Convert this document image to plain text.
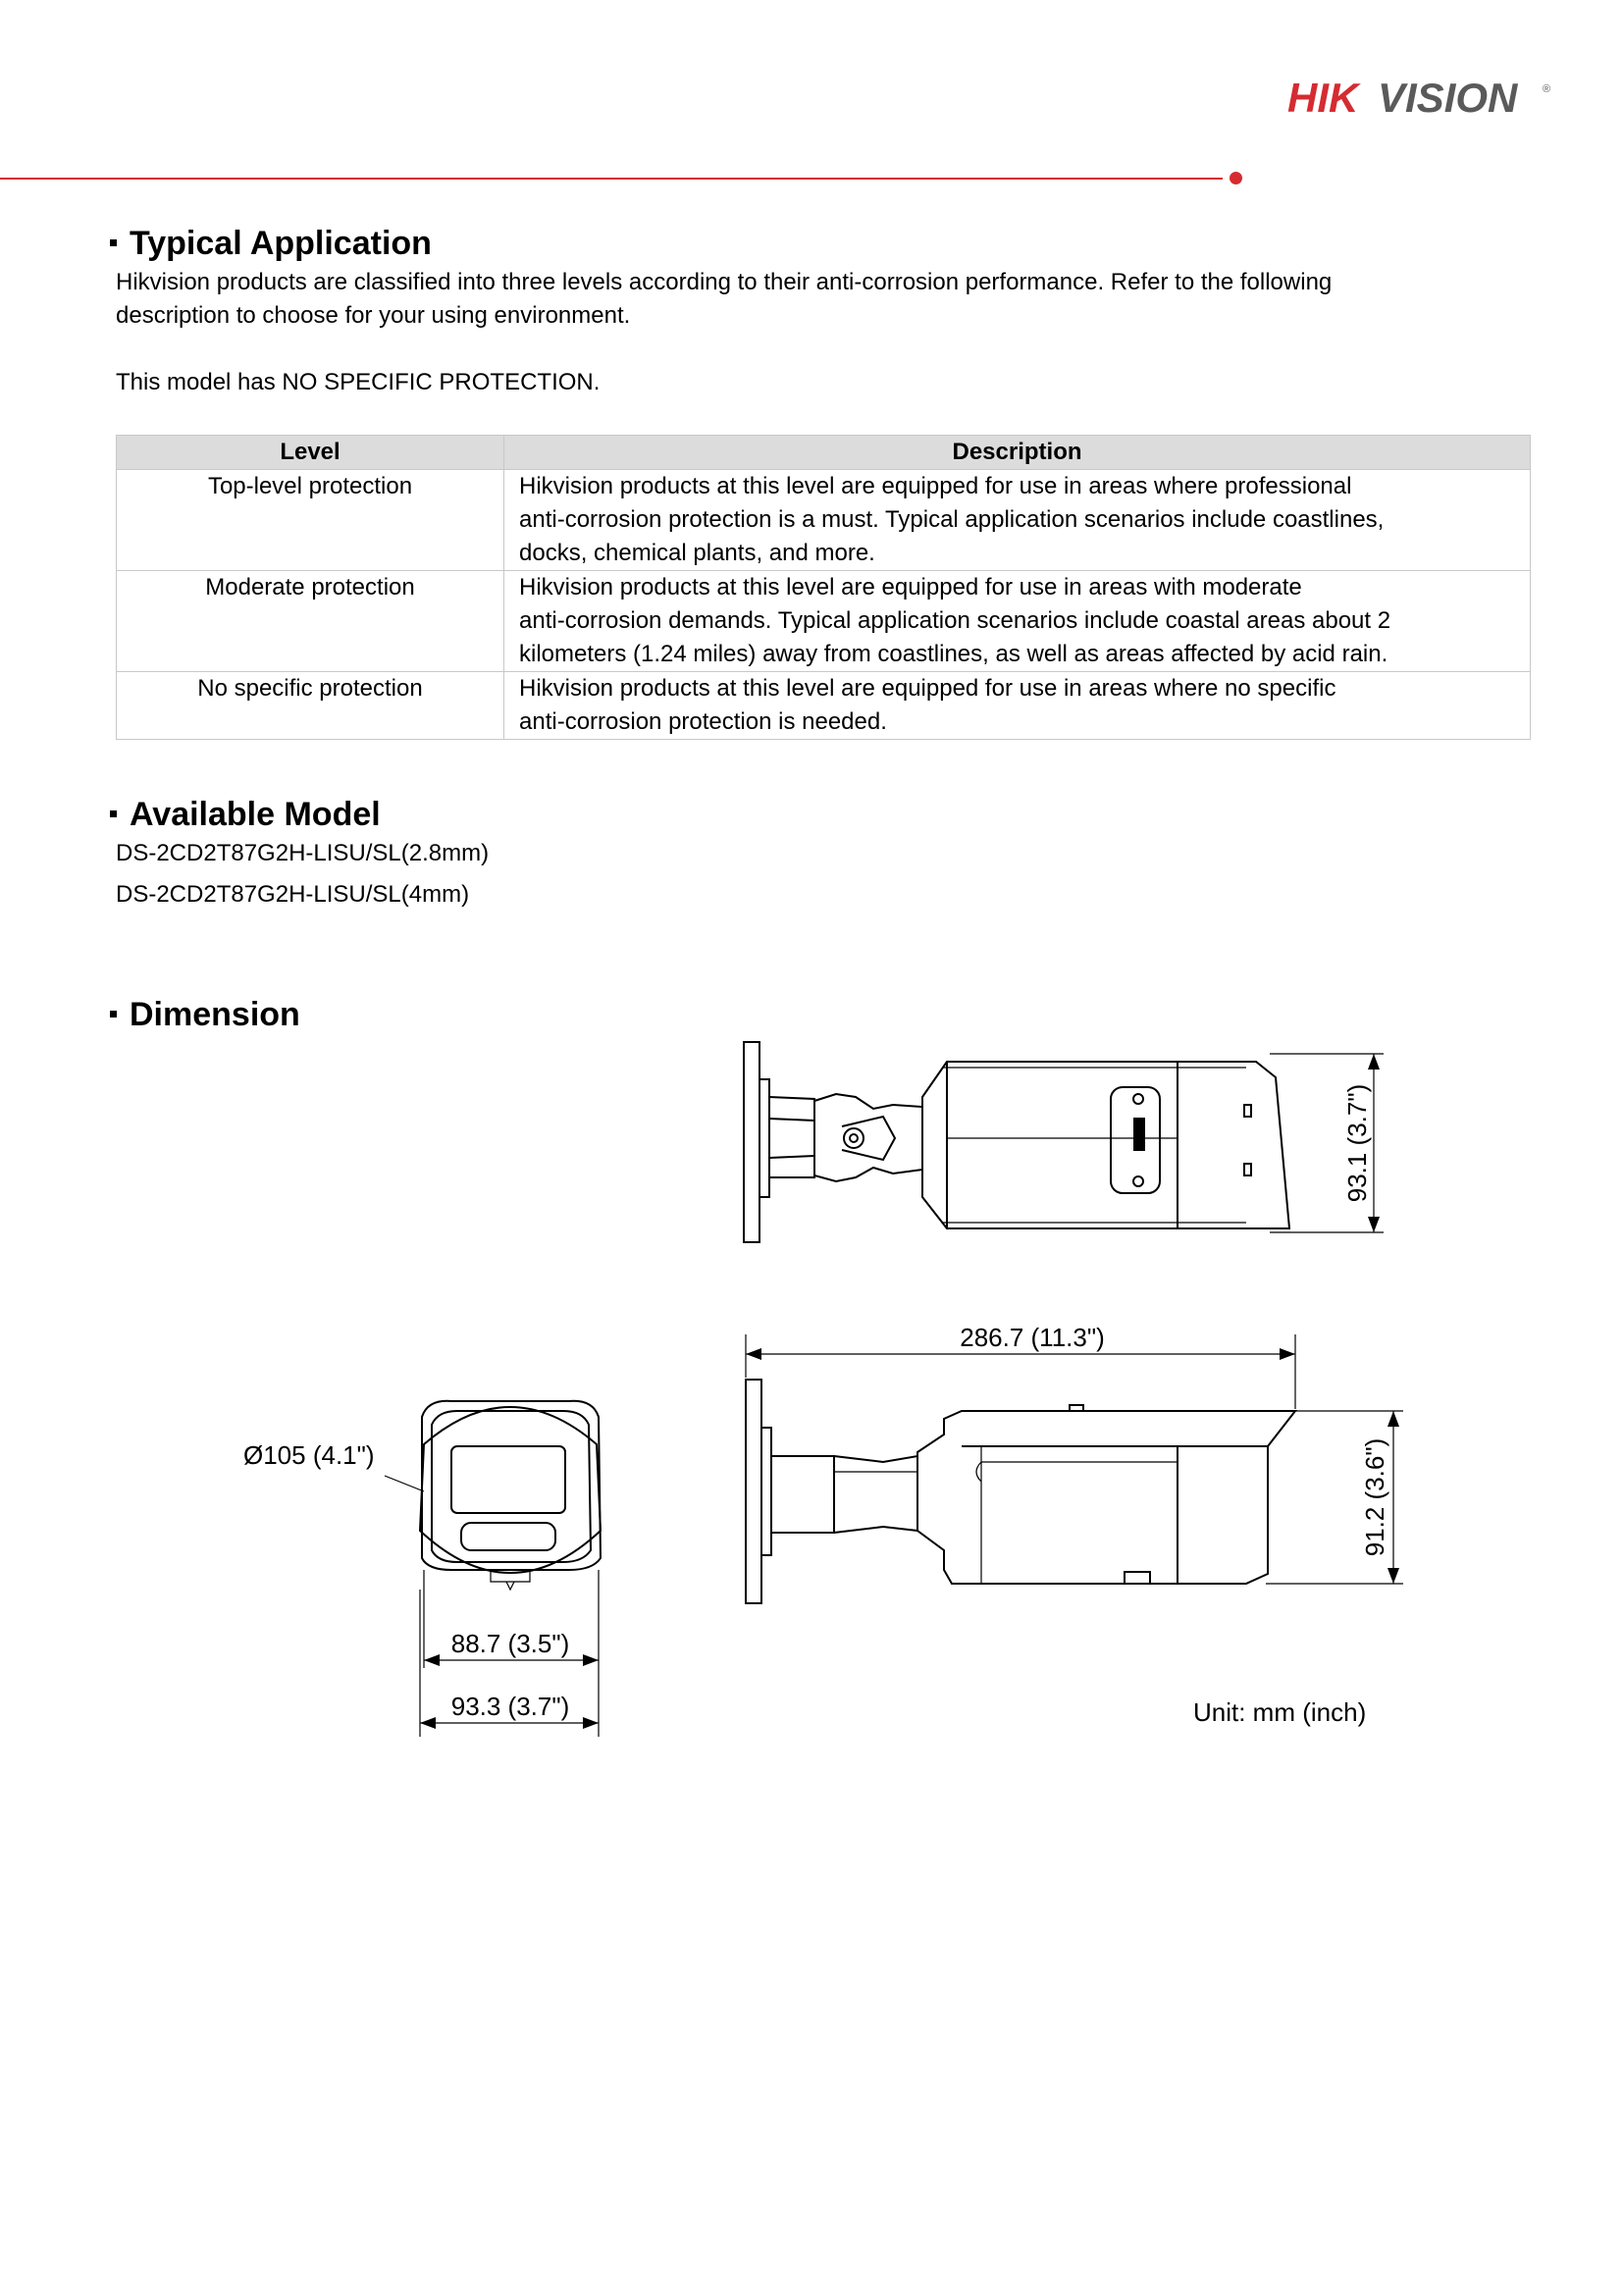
HIK VISION ®
Typical Application
Hikvision products are classified into three levels according to their anti-corrosion performance. Refer to the following
description to choose for your using environment.
This model has NO SPECIFIC PROTECTION.
Level	Description
Top-level protection	Hikvision products at this level are equipped for use in areas where professional
anti-corrosion protection is a must. Typical application scenarios include coastlines,
docks, chemical plants, and more.

Moderate protection	Hikvision products at this level are equipped for use in areas with moderate
anti-corrosion demands. Typical application scenarios include coastal areas about 2
kilometers (1.24 miles) away from coastlines, as well as areas affected by acid rain.

No specific protection	Hikvision products at this level are equipped for use in areas where no specific
anti-corrosion protection is needed.
Available Model
DS-2CD2T87G2H-LISU/SL(2.8mm)
DS-2CD2T87G2H-LISU/SL(4mm)
Dimension
93.1 (3.7")
286.7 (11.3")
91.2 (3.6")
Ø105 (4.1")
88.7 (3.5")
93.3 (3.7")	Unit: mm (inch)
